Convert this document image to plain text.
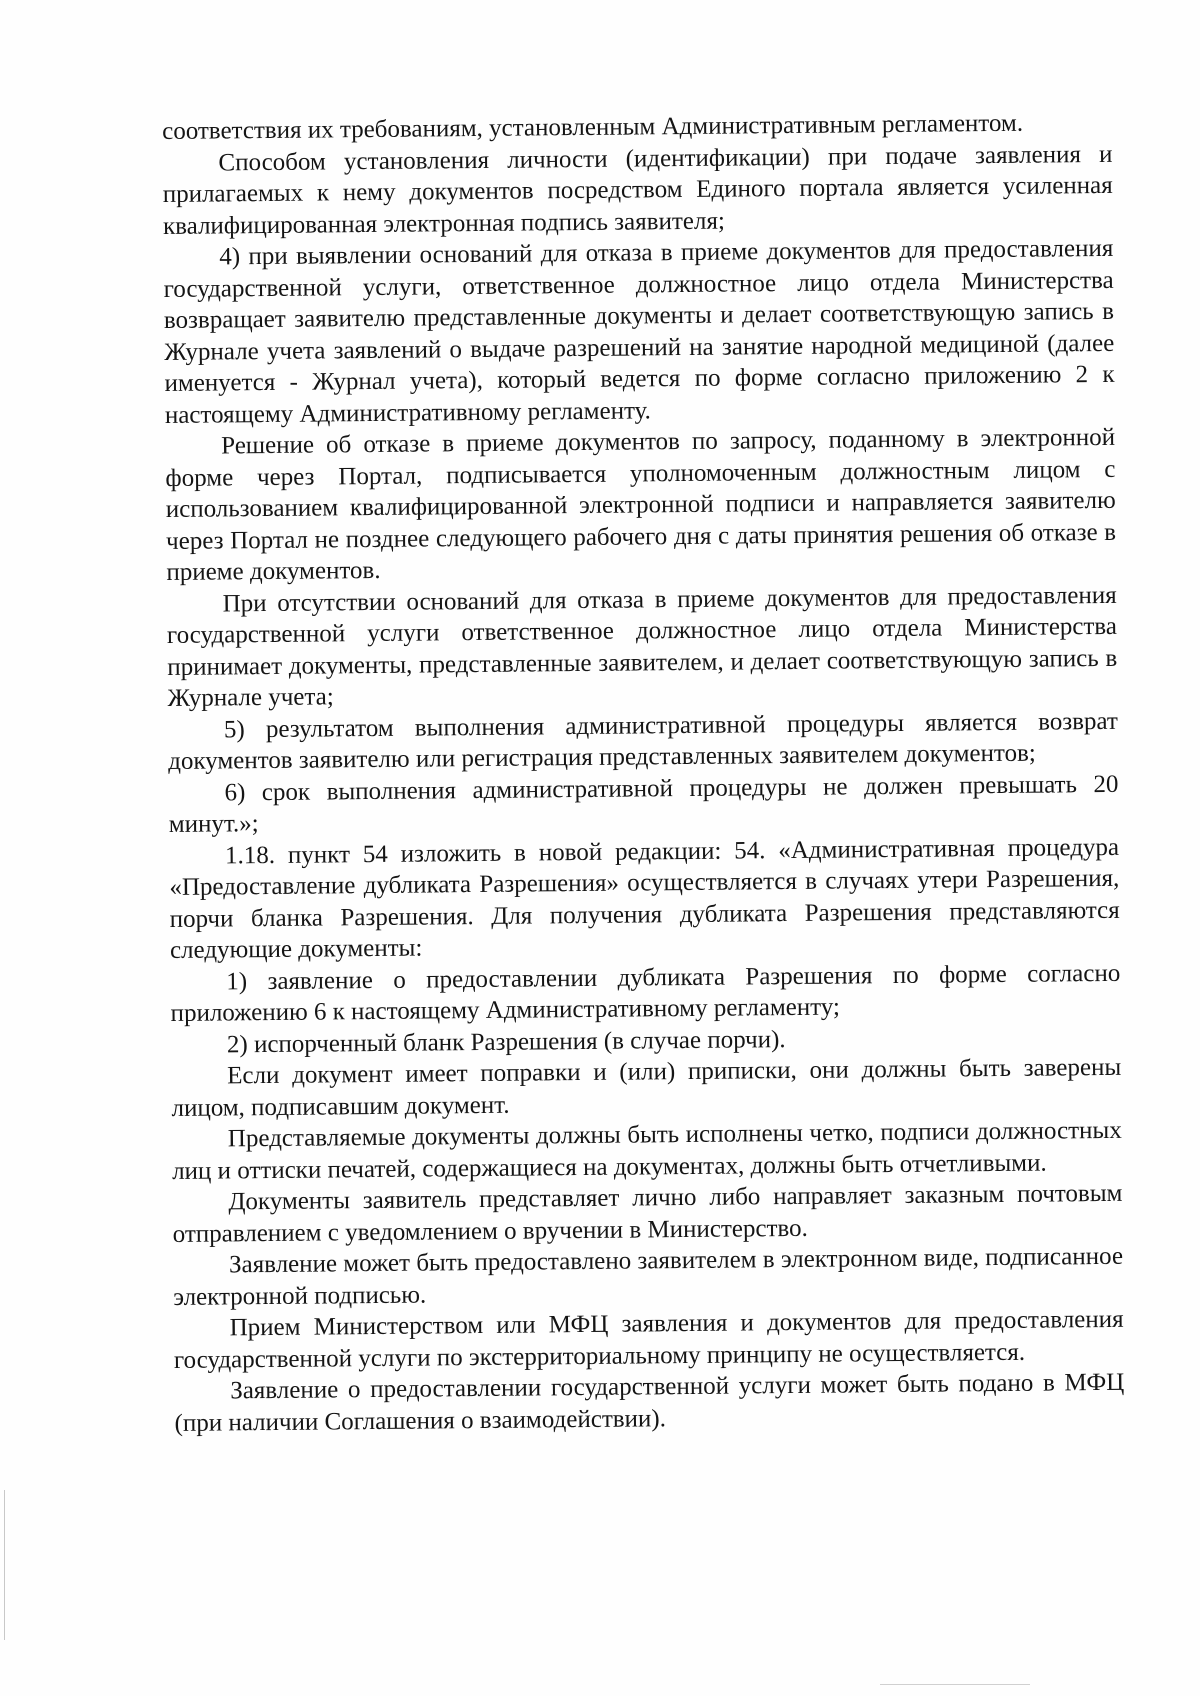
соответствия их требованиям, установленным Административным регламентом.

Способом установления личности (идентификации) при подаче заявления и прилагаемых к нему документов посредством Единого портала является усиленная квалифицированная электронная подпись заявителя;

4) при выявлении оснований для отказа в приеме документов для предоставления государственной услуги, ответственное должностное лицо отдела Министерства возвращает заявителю представленные документы и делает соответствующую запись в Журнале учета заявлений о выдаче разрешений на занятие народной медициной (далее именуется - Журнал учета), который ведется по форме согласно приложению 2 к настоящему Административному регламенту.

Решение об отказе в приеме документов по запросу, поданному в электронной форме через Портал, подписывается уполномоченным должностным лицом с использованием квалифицированной электронной подписи и направляется заявителю через Портал не позднее следующего рабочего дня с даты принятия решения об отказе в приеме документов.

При отсутствии оснований для отказа в приеме документов для предоставления государственной услуги ответственное должностное лицо отдела Министерства принимает документы, представленные заявителем, и делает соответствующую запись в Журнале учета;

5) результатом выполнения административной процедуры является возврат документов заявителю или регистрация представленных заявителем документов;

6) срок выполнения административной процедуры не должен превышать 20 минут.»;

1.18. пункт 54 изложить в новой редакции: 54. «Административная процедура «Предоставление дубликата Разрешения» осуществляется в случаях утери Разрешения, порчи бланка Разрешения. Для получения дубликата Разрешения представляются следующие документы:

1) заявление о предоставлении дубликата Разрешения по форме согласно приложению 6 к настоящему Административному регламенту;

2) испорченный бланк Разрешения (в случае порчи).

Если документ имеет поправки и (или) приписки, они должны быть заверены лицом, подписавшим документ.

Представляемые документы должны быть исполнены четко, подписи должностных лиц и оттиски печатей, содержащиеся на документах, должны быть отчетливыми.

Документы заявитель представляет лично либо направляет заказным почтовым отправлением с уведомлением о вручении в Министерство.

Заявление может быть предоставлено заявителем в электронном виде, подписанное электронной подписью.

Прием Министерством или МФЦ заявления и документов для предоставления государственной услуги по экстерриториальному принципу не осуществляется.

Заявление о предоставлении государственной услуги может быть подано в МФЦ (при наличии Соглашения о взаимодействии).
